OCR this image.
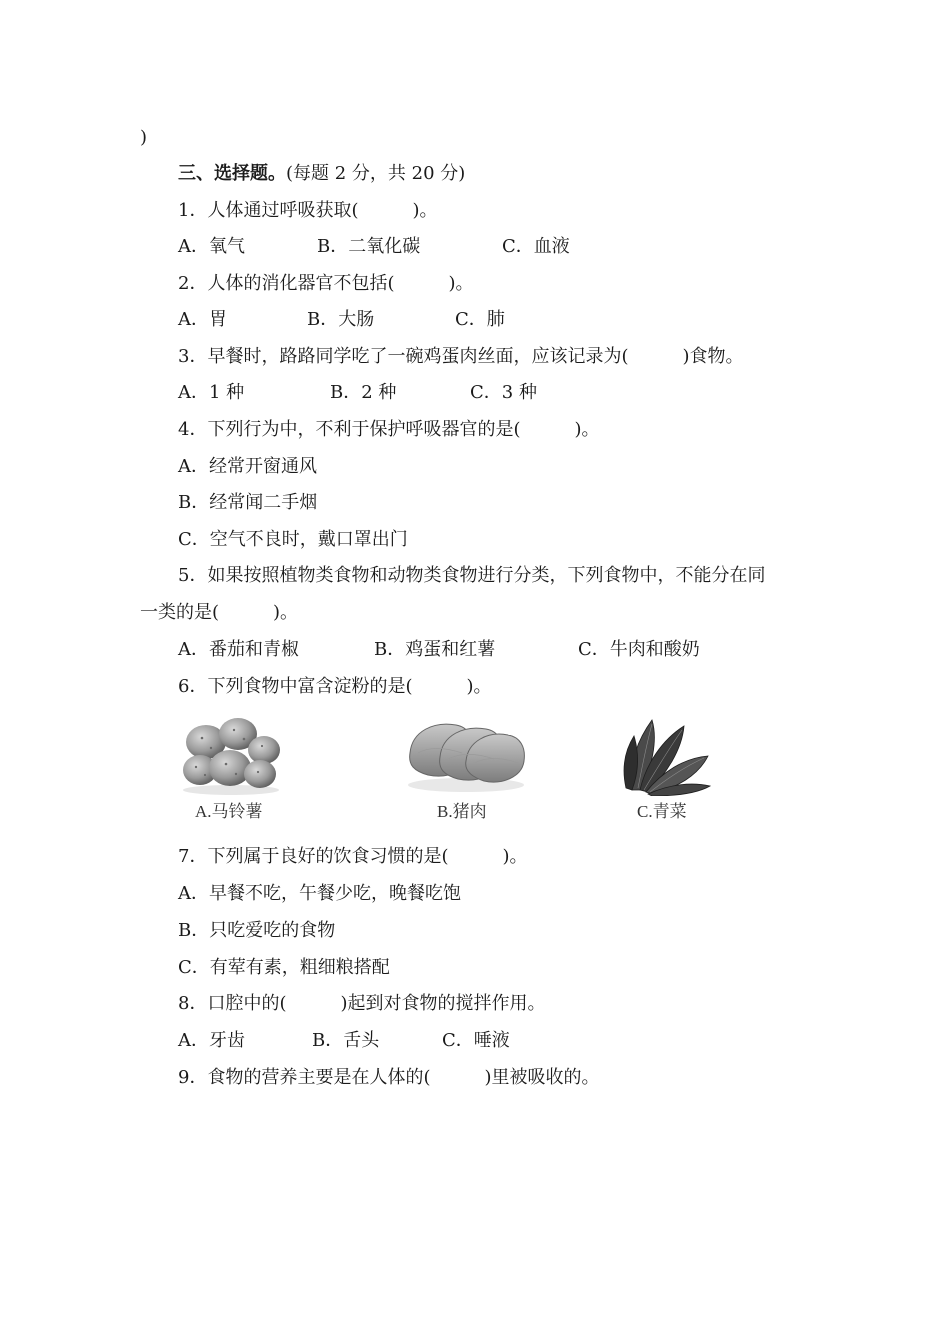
)
三、选择题。(每题 2 分，共 20 分)
1．人体通过呼吸获取(　　　)。
A．氧气	B．二氧化碳	C．血液
2．人体的消化器官不包括(　　　)。
A．胃	B．大肠	C．肺
3．早餐时，路路同学吃了一碗鸡蛋肉丝面，应该记录为(　　　)食物。
A．1 种	B．2 种	C．3 种
4．下列行为中，不利于保护呼吸器官的是(　　　)。
A．经常开窗通风
B．经常闻二手烟
C．空气不良时，戴口罩出门
5．如果按照植物类食物和动物类食物进行分类，下列食物中，不能分在同
一类的是(　　　)。
A．番茄和青椒	B．鸡蛋和红薯	C．牛肉和酸奶
6．下列食物中富含淀粉的是(　　　)。
A.马铃薯	B.猪肉	C.青菜
7．下列属于良好的饮食习惯的是(　　　)。
A．早餐不吃，午餐少吃，晚餐吃饱
B．只吃爱吃的食物
C．有荤有素，粗细粮搭配
8．口腔中的(　　　)起到对食物的搅拌作用。
A．牙齿	B．舌头	C．唾液
9．食物的营养主要是在人体的(　　　)里被吸收的。
